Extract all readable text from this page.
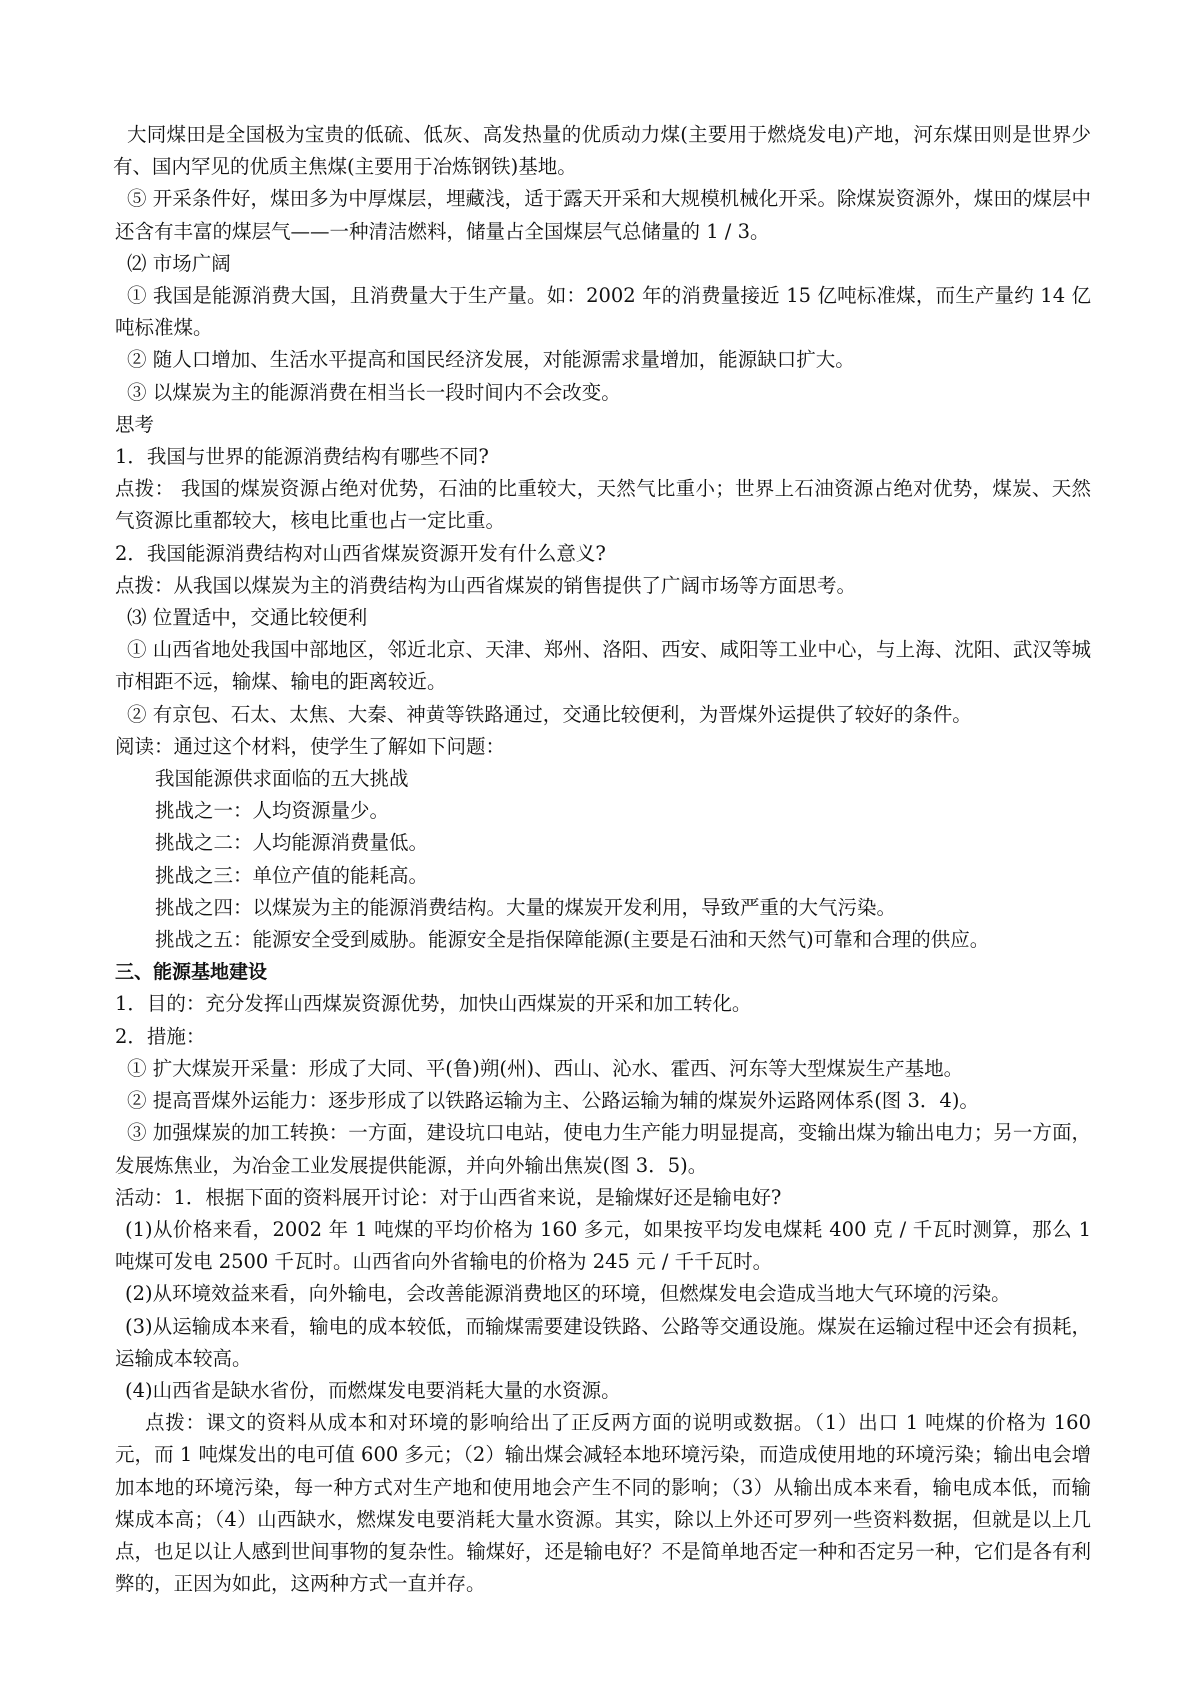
大同煤田是全国极为宝贵的低硫、低灰、高发热量的优质动力煤(主要用于燃烧发电)产地，河东煤田则是世界少有、国内罕见的优质主焦煤(主要用于冶炼钢铁)基地。

⑤ 开采条件好，煤田多为中厚煤层，埋藏浅，适于露天开采和大规模机械化开采。除煤炭资源外，煤田的煤层中还含有丰富的煤层气——一种清洁燃料，储量占全国煤层气总储量的 1 / 3。

⑵ 市场广阔

① 我国是能源消费大国，且消费量大于生产量。如：2002 年的消费量接近 15 亿吨标准煤，而生产量约 14 亿吨标准煤。

② 随人口增加、生活水平提高和国民经济发展，对能源需求量增加，能源缺口扩大。

③ 以煤炭为主的能源消费在相当长一段时间内不会改变。

思考

1．我国与世界的能源消费结构有哪些不同?

点拨： 我国的煤炭资源占绝对优势，石油的比重较大，天然气比重小；世界上石油资源占绝对优势，煤炭、天然气资源比重都较大，核电比重也占一定比重。

2．我国能源消费结构对山西省煤炭资源开发有什么意义?

点拨：从我国以煤炭为主的消费结构为山西省煤炭的销售提供了广阔市场等方面思考。

⑶ 位置适中，交通比较便利

① 山西省地处我国中部地区，邻近北京、天津、郑州、洛阳、西安、咸阳等工业中心，与上海、沈阳、武汉等城市相距不远，输煤、输电的距离较近。

② 有京包、石太、太焦、大秦、神黄等铁路通过，交通比较便利，为晋煤外运提供了较好的条件。

阅读：通过这个材料，使学生了解如下问题：

我国能源供求面临的五大挑战

挑战之一：人均资源量少。

挑战之二：人均能源消费量低。

挑战之三：单位产值的能耗高。

挑战之四：以煤炭为主的能源消费结构。大量的煤炭开发利用，导致严重的大气污染。

挑战之五：能源安全受到威胁。能源安全是指保障能源(主要是石油和天然气)可靠和合理的供应。

三、能源基地建设

1．目的：充分发挥山西煤炭资源优势，加快山西煤炭的开采和加工转化。

2．措施：

① 扩大煤炭开采量：形成了大同、平(鲁)朔(州)、西山、沁水、霍西、河东等大型煤炭生产基地。

② 提高晋煤外运能力：逐步形成了以铁路运输为主、公路运输为辅的煤炭外运路网体系(图 3．4)。

③ 加强煤炭的加工转换：一方面，建设坑口电站，使电力生产能力明显提高，变输出煤为输出电力；另一方面，发展炼焦业，为冶金工业发展提供能源，并向外输出焦炭(图 3．5)。

活动：1．根据下面的资料展开讨论：对于山西省来说，是输煤好还是输电好?

(1)从价格来看，2002 年 1 吨煤的平均价格为 160 多元，如果按平均发电煤耗 400 克 / 千瓦时测算，那么 1 吨煤可发电 2500 千瓦时。山西省向外省输电的价格为 245 元 / 千千瓦时。

(2)从环境效益来看，向外输电，会改善能源消费地区的环境，但燃煤发电会造成当地大气环境的污染。

(3)从运输成本来看，输电的成本较低，而输煤需要建设铁路、公路等交通设施。煤炭在运输过程中还会有损耗，运输成本较高。

(4)山西省是缺水省份，而燃煤发电要消耗大量的水资源。

点拨：课文的资料从成本和对环境的影响给出了正反两方面的说明或数据。（1）出口 1 吨煤的价格为 160 元，而 1 吨煤发出的电可值 600 多元；（2）输出煤会减轻本地环境污染，而造成使用地的环境污染；输出电会增加本地的环境污染，每一种方式对生产地和使用地会产生不同的影响；（3）从输出成本来看，输电成本低，而输煤成本高；（4）山西缺水，燃煤发电要消耗大量水资源。其实，除以上外还可罗列一些资料数据，但就是以上几点，也足以让人感到世间事物的复杂性。输煤好，还是输电好？不是简单地否定一种和否定另一种，它们是各有利弊的，正因为如此，这两种方式一直并存。
